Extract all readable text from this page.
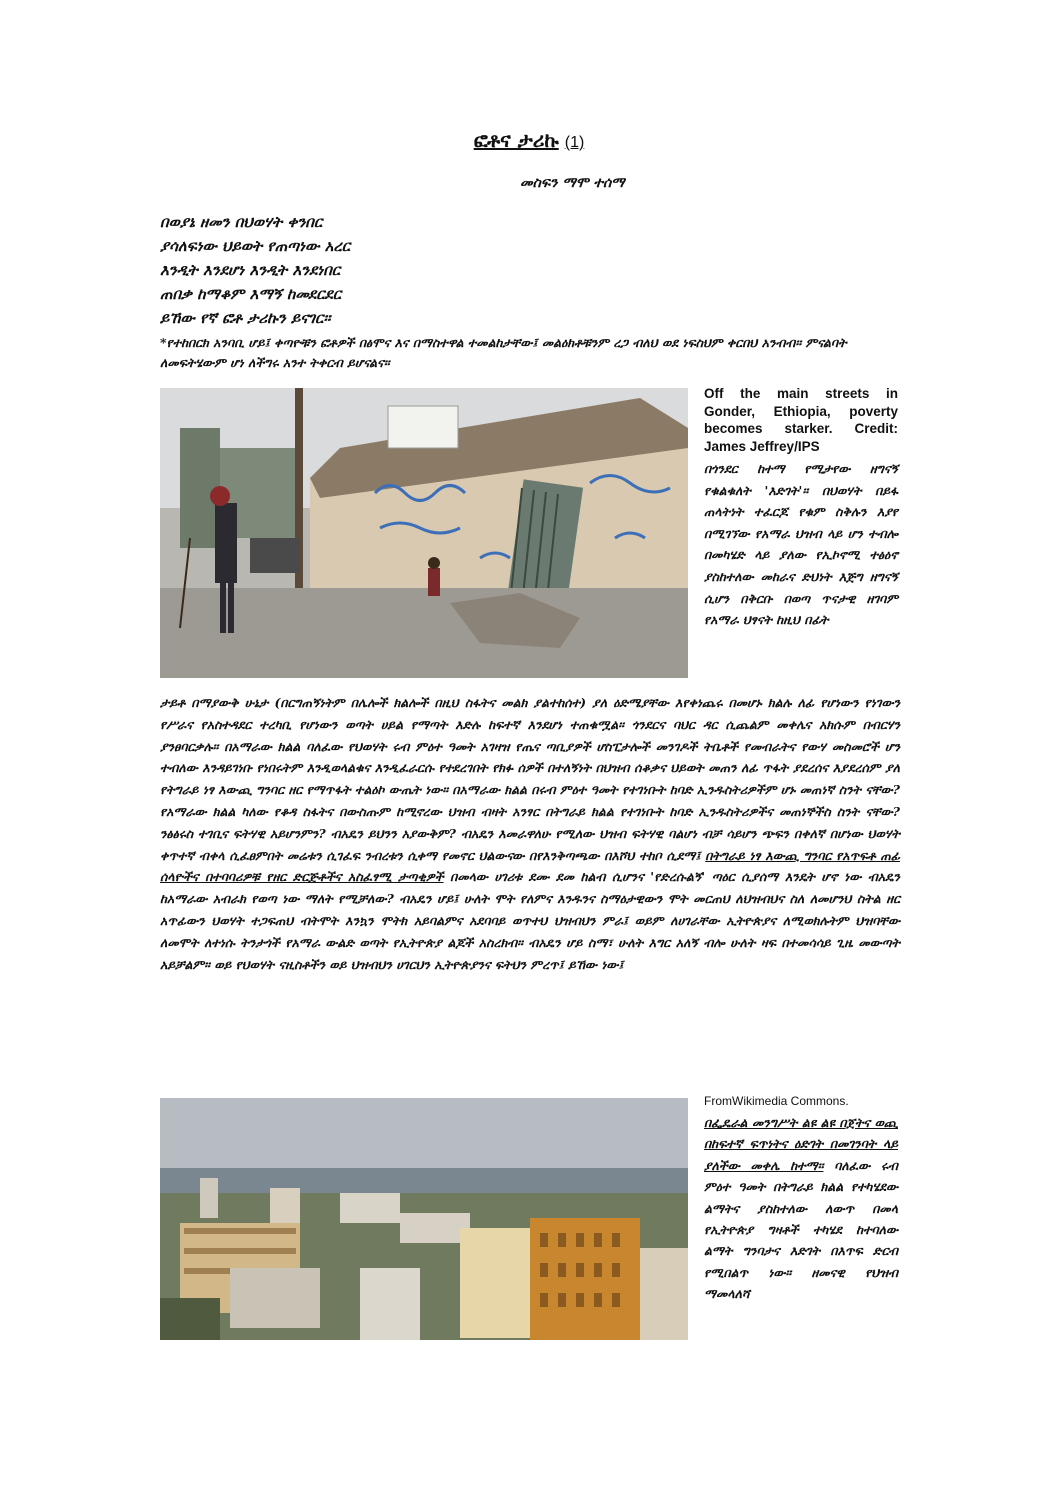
ፎቶና ታሪኩ (1)
መስፍን ማሞ ተሰማ
በወያኔ ዘመን በህወሃት ቀንበር
ያሳለፍነው ህይወት የጠጣነው አረር
እንዲት እንደሆነ እንዲት እንደነበር
ጠበቃ ከማቆም እማኝ ከመደርደር
ይኸው የኛ ፎቶ ታሪኩን ይናገር፡፡
*የተከበርክ አንባቢ ሆይ፤ ቀጣዮቹን ፎቶዎች በፅሞና እና በማስተዋል ተመልከታቸው፤ መልዕክቶቹንም ረጋ ብለህ ወደ ነፍስህም ቀርበህ አንብብ። ምናልባት ለመፍትሄውም ሆነ ለችግሩ አንተ ትቀርብ ይሆናልና።
Off the main streets in Gonder, Ethiopia, poverty becomes starker. Credit: James Jeffrey/IPS
በጎንደር ከተማ የሚታየው ዘግናኝ የቁልቁለት 'እድገት'። በህወሃት በይፋ ጠላትነት ተፈርጆ የቁም ስቅሉን እያየ በሚገኘው የአማራ ህዝብ ላይ ሆን ተብሎ በመካሄድ ላይ ያለው የኢኮኖሚ ተፅዕኖ ያስከተለው መከራና ድህነት እጅግ ዘግናኝ ሲሆን በቅርቡ በወጣ ጥናታዊ ዘገባም የአማራ ህፃናት ከዚህ በፊት
ታይቶ በማያውቅ ሁኔታ (በርግጠኝነትም በሌሎች ክልሎች በዚህ ስፋትና መልክ ያልተከሰተ) ያለ ዕድሜያቸው እየቀነጨሩ በመሆኑ ክልሉ ለፊ የሆነውን የነገውን የሥራና የአስተዳደር ተረካቢ የሆነውን ወጣት ሀይል የማጣት እድሉ ከፍተኛ እንደሆነ ተጠቁሟል። ጎንደርና ባህር ዳር ሲጨልም መቀሌና አክሱም በብርሃን ያንፀባርቃሉ። በአማራው ክልል ባለፈው የህወሃት ሩብ ምዕተ ዓመት አገዛዝ የጤና ጣቢያዎች ሆስፒታሎች መንገዶች ትቤቶች የመብራትና የውሃ መስመሮች ሆን ተብለው እንዳይገነቡ የነበሩትም እንዲወላልቁና እንዲፈራርሱ የተደረገበት የክፉ ሰዎች በተለኝነት በህዝብ ሰቆቃና ህይወት መጠን ለፊ ጥፋት ያደረሰና እያደረሰም ያለ የትግራይ ነፃ እውጪ ግንባር ዘር የማጥፋት ተልዕኮ ውጤት ነው። በአማራው ክልል በሩብ ምዕተ ዓመት የተገነቡት ከባድ ኢንዱስትሪዎችም ሆኑ መጠነኛ ስንት ናቸው? የአማራው ክልል ካለው የቆዳ ስፋትና በውስጡም ከሚኖረው ህዝብ ብዛት አንፃር በትግራይ ክልል የተገነቡት ከባድ ኢንዱስትሪዎችና መጠነኞችስ ስንት ናቸው? ንፅፅሩስ ተገቢና ፍትሃዊ አይሆንምን? ብአዴን ይህንን አያውቅም? ብአዴን እመራዋለሁ የሚለው ህዝብ ፍትሃዊ ባልሆነ ብቻ ሳይሆን ጭፍን በቀለኛ በሆነው ህወሃት ቀጥተኛ ብቀላ ሲፈፀምበት መሬቱን ሲገፈፍ ንብረቱን ሲቀማ የመኖር ህልውናው በየእንቅጣጫው በእሾህ ተከቦ ሲደማ፤ በትግራይ ነፃ እውጪ ግንባር የአጥፍቶ ጠፊ ሰላዮችና በተባባሪዎቹ የዘር ድርጅቶችና አስፈፃሚ ታጣቂዎች በመላው ሀገሪቱ ደሙ ደመ ከልብ ሲሆንና 'የድረሱልኝ' ጣዕር ሲያሰማ እንዴት ሆኖ ነው ብአዴን ከአማራው አብራክ የወጣ ነው ማለት የሚቻለው? ብአዴን ሆይ፤ ሁለት ሞት የለምና እንዱንና ስማዕታዊውን ሞት መርጠህ ለህዝብህና ስለ ለመሆንህ ስትል ዘር አጥፊውን ህወሃት ተጋፍጠህ ብትሞት እንኳን ሞትክ አይባልምና አደባባይ ወጥተህ ህዝብህን ምራ፤ ወይም ለሀገራቸው ኢትዮጵያና ለሚወክሉትም ህዝባቸው ለመሞት ለተነሱ ትንታጎች የአማራ ውልድ ወጣት የኢትዮጵያ ልጆች አስረክብ። ብአዴን ሆይ ስማ፣ ሁለት እግር አለኝ ብሎ ሁለት ዛፍ በተመሳሳይ ጊዜ መውጣት አይቻልም። ወይ የህወሃት ናዚስቶችን ወይ ህዝብህን ሀገርህን ኢትዮጵያንና ፍትህን ምረጥ፤ ይኸው ነው፤
FromWikimedia Commons.
በፌዴራል መንግሥት ልዩ ልዩ በጀትና ወጪ በከፍተኛ ፍጥነትና ዕድገት በመገንባት ላይ ያለችው መቀሌ ከተማ። ባለፈው ሩብ ምዕተ ዓመት በትግራይ ክልል የተካሄደው ልማትና ያስከተለው ለውጥ በመላ የኢትዮጵያ ግዛቶች ተካሄደ ከተባለው ልማት ግንባታና እድገት በእጥፍ ድርብ የሚበልጥ ነው። ዘመናዊ የህዝብ ማመላለሻ
